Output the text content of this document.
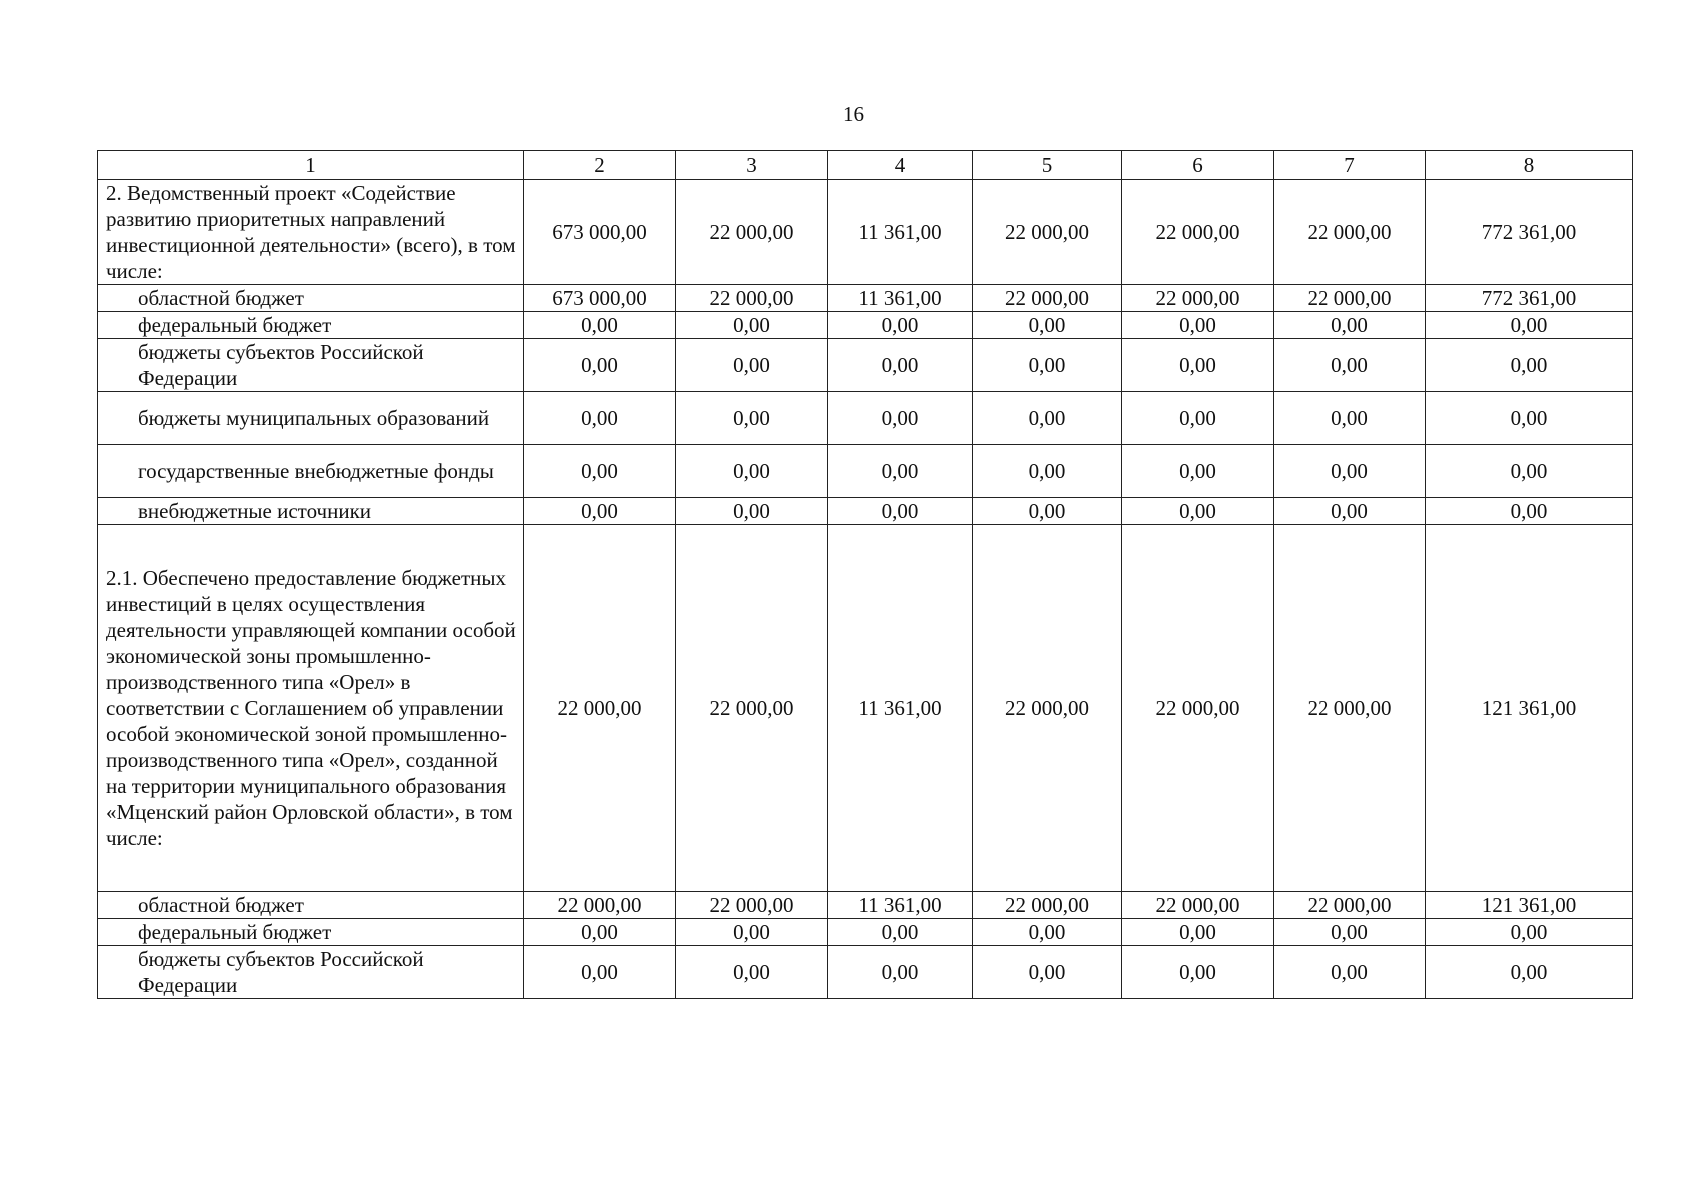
16
1	2	3	4	5	6	7	8
2. Ведомственный проект «Содействие развитию приоритетных направлений инвестиционной деятельности» (всего), в том числе:	673 000,00	22 000,00	11 361,00	22 000,00	22 000,00	22 000,00	772 361,00
областной бюджет	673 000,00	22 000,00	11 361,00	22 000,00	22 000,00	22 000,00	772 361,00
федеральный бюджет	0,00	0,00	0,00	0,00	0,00	0,00	0,00
бюджеты субъектов Российской Федерации	0,00	0,00	0,00	0,00	0,00	0,00	0,00
бюджеты муниципальных образований	0,00	0,00	0,00	0,00	0,00	0,00	0,00
государственные внебюджетные фонды	0,00	0,00	0,00	0,00	0,00	0,00	0,00
внебюджетные источники	0,00	0,00	0,00	0,00	0,00	0,00	0,00
2.1. Обеспечено предоставление бюджетных инвестиций в целях осуществления деятельности управляющей компании особой экономической зоны промышленно-производственного типа «Орел» в соответствии с Соглашением об управлении особой экономической зоной промышленно-производственного типа «Орел», созданной на территории муниципального образования «Мценский район Орловской области», в том числе:	22 000,00	22 000,00	11 361,00	22 000,00	22 000,00	22 000,00	121 361,00
областной бюджет	22 000,00	22 000,00	11 361,00	22 000,00	22 000,00	22 000,00	121 361,00
федеральный бюджет	0,00	0,00	0,00	0,00	0,00	0,00	0,00
бюджеты субъектов Российской Федерации	0,00	0,00	0,00	0,00	0,00	0,00	0,00
